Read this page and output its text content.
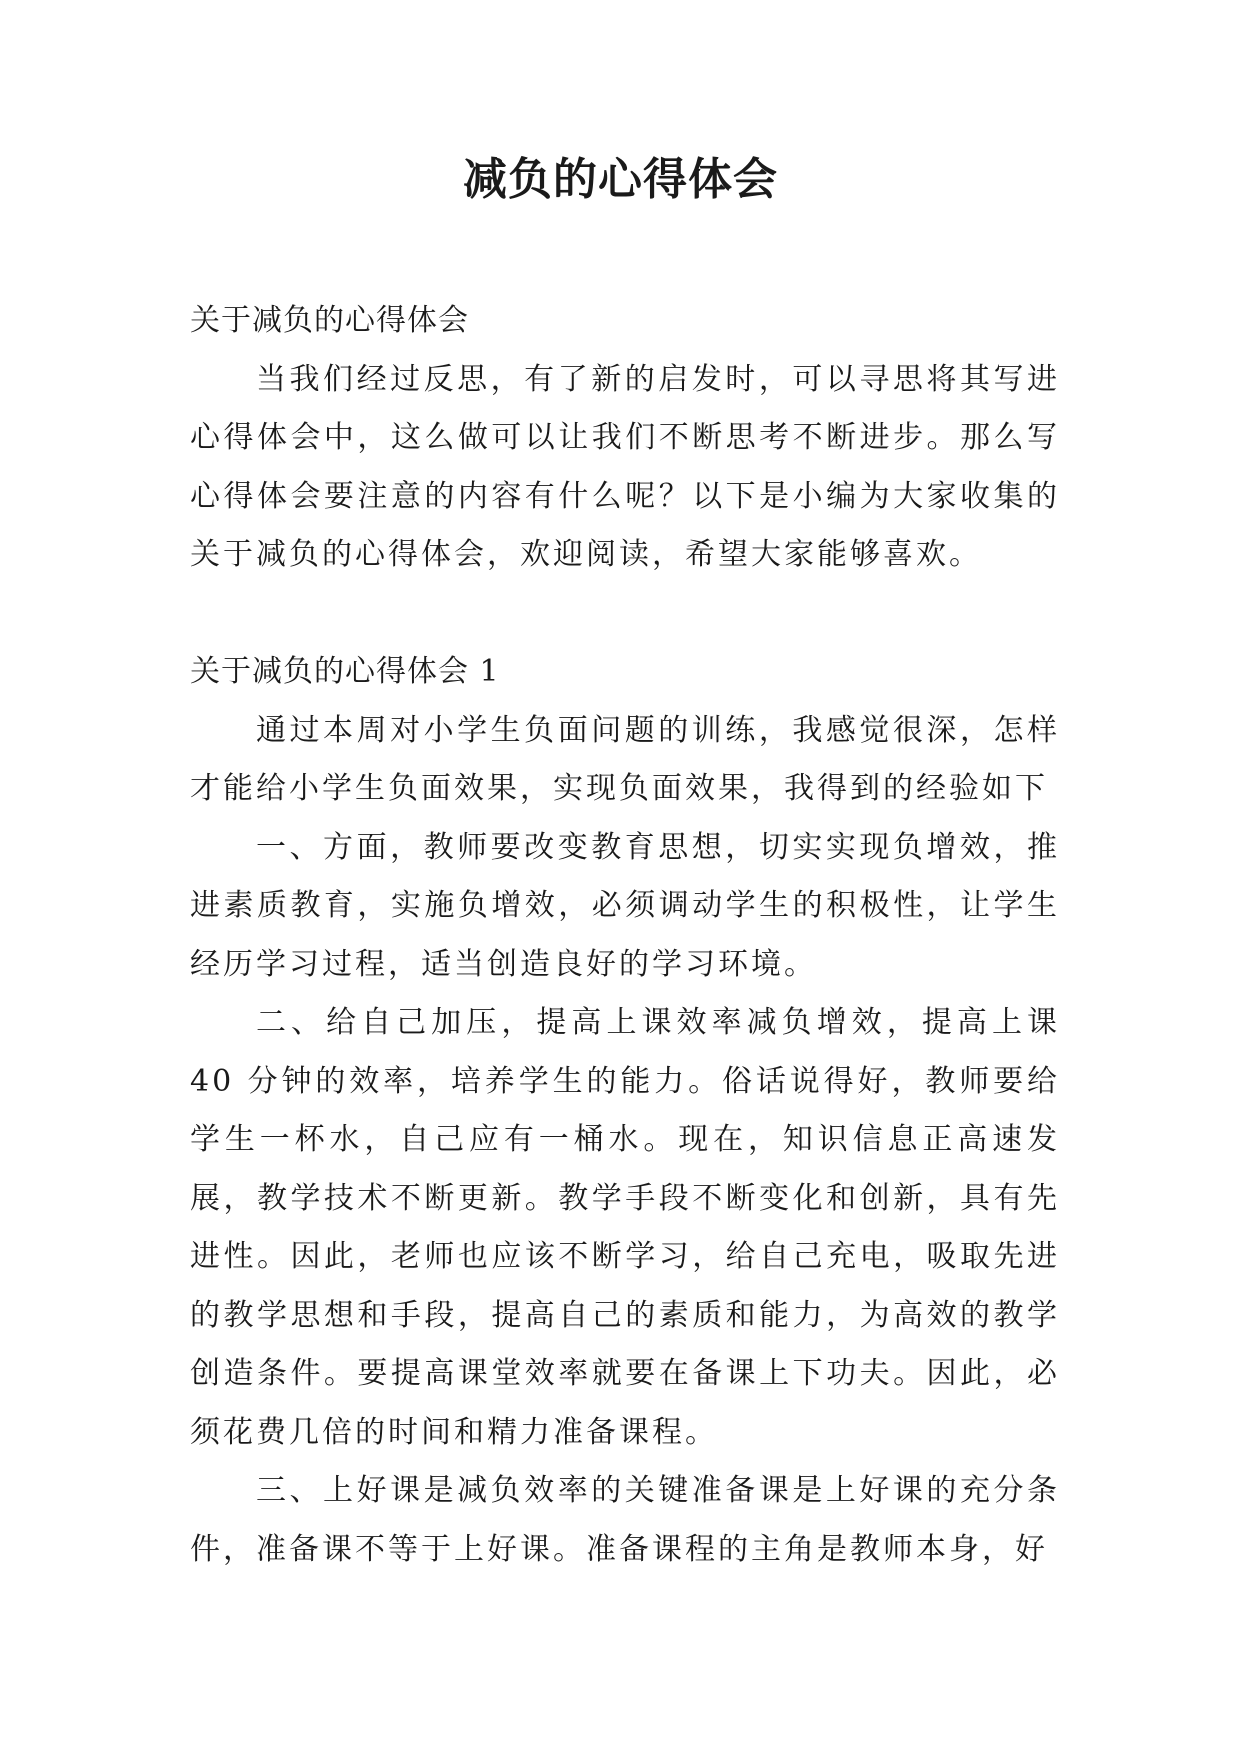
减负的心得体会

关于减负的心得体会

当我们经过反思，有了新的启发时，可以寻思将其写进心得体会中，这么做可以让我们不断思考不断进步。那么写心得体会要注意的内容有什么呢？以下是小编为大家收集的关于减负的心得体会，欢迎阅读，希望大家能够喜欢。

关于减负的心得体会 1

通过本周对小学生负面问题的训练，我感觉很深，怎样才能给小学生负面效果，实现负面效果，我得到的经验如下

一、方面，教师要改变教育思想，切实实现负增效，推进素质教育，实施负增效，必须调动学生的积极性，让学生经历学习过程，适当创造良好的学习环境。

二、给自己加压，提高上课效率减负增效，提高上课 40 分钟的效率，培养学生的能力。俗话说得好，教师要给学生一杯水，自己应有一桶水。现在，知识信息正高速发展，教学技术不断更新。教学手段不断变化和创新，具有先进性。因此，老师也应该不断学习，给自己充电，吸取先进的教学思想和手段，提高自己的素质和能力，为高效的教学创造条件。要提高课堂效率就要在备课上下功夫。因此，必须花费几倍的时间和精力准备课程。

三、上好课是减负效率的关键准备课是上好课的充分条件，准备课不等于上好课。准备课程的主角是教师本身，好
